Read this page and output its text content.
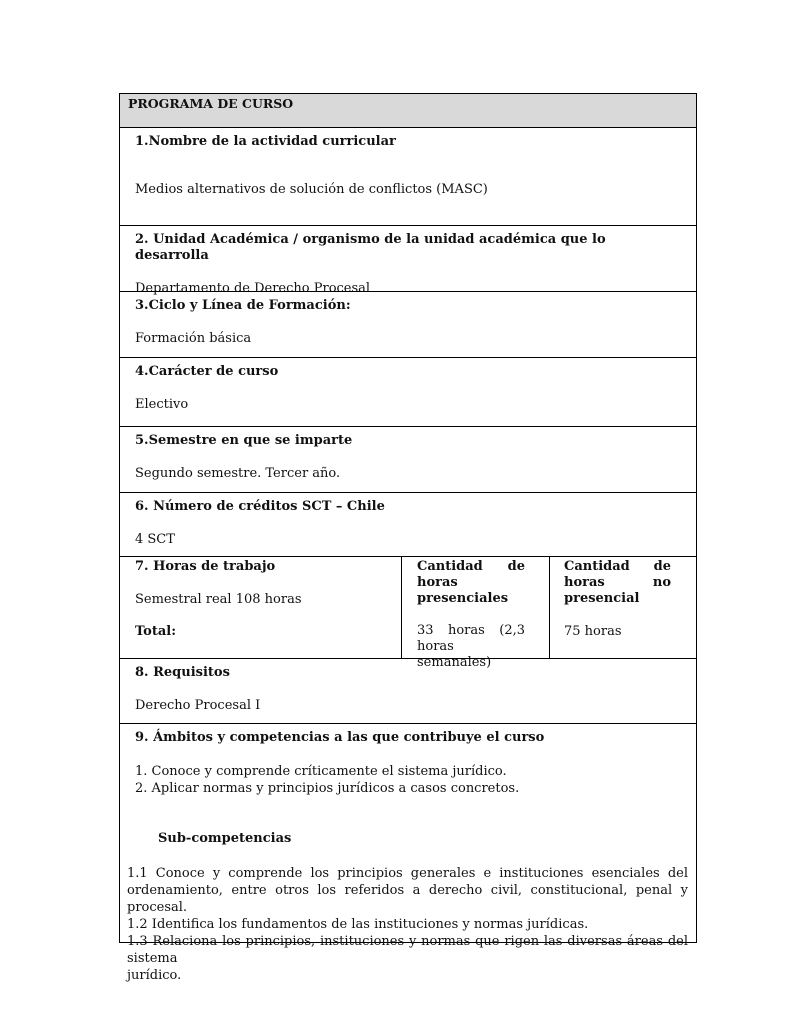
PROGRAMA DE CURSO
1.Nombre de la actividad curricular
Medios alternativos de solución de conflictos (MASC)
2. Unidad Académica / organismo de la unidad académica que lo desarrolla
Departamento de Derecho Procesal
3.Ciclo y Línea de Formación:
Formación básica
4.Carácter de curso
Electivo
5.Semestre en que se imparte
Segundo semestre. Tercer año.
6. Número de créditos SCT – Chile
4 SCT
7. Horas de trabajo
Semestral real 108 horas
Total:
Cantidad de
horas
presenciales
33 horas (2,3
horas semanales)
Cantidad de
horas no
presencial
75 horas
8. Requisitos
Derecho Procesal I
9. Ámbitos y competencias a las que contribuye el curso
1. Conoce y comprende críticamente el sistema jurídico.
2. Aplicar normas y principios jurídicos a casos concretos.
Sub-competencias

1.1 Conoce y comprende los principios generales e instituciones esenciales del

ordenamiento, entre otros los referidos a derecho civil, constitucional, penal y procesal.

1.2 Identifica los fundamentos de las instituciones y normas jurídicas.

1.3 Relaciona los principios, instituciones y normas que rigen las diversas áreas del sistema

jurídico.
